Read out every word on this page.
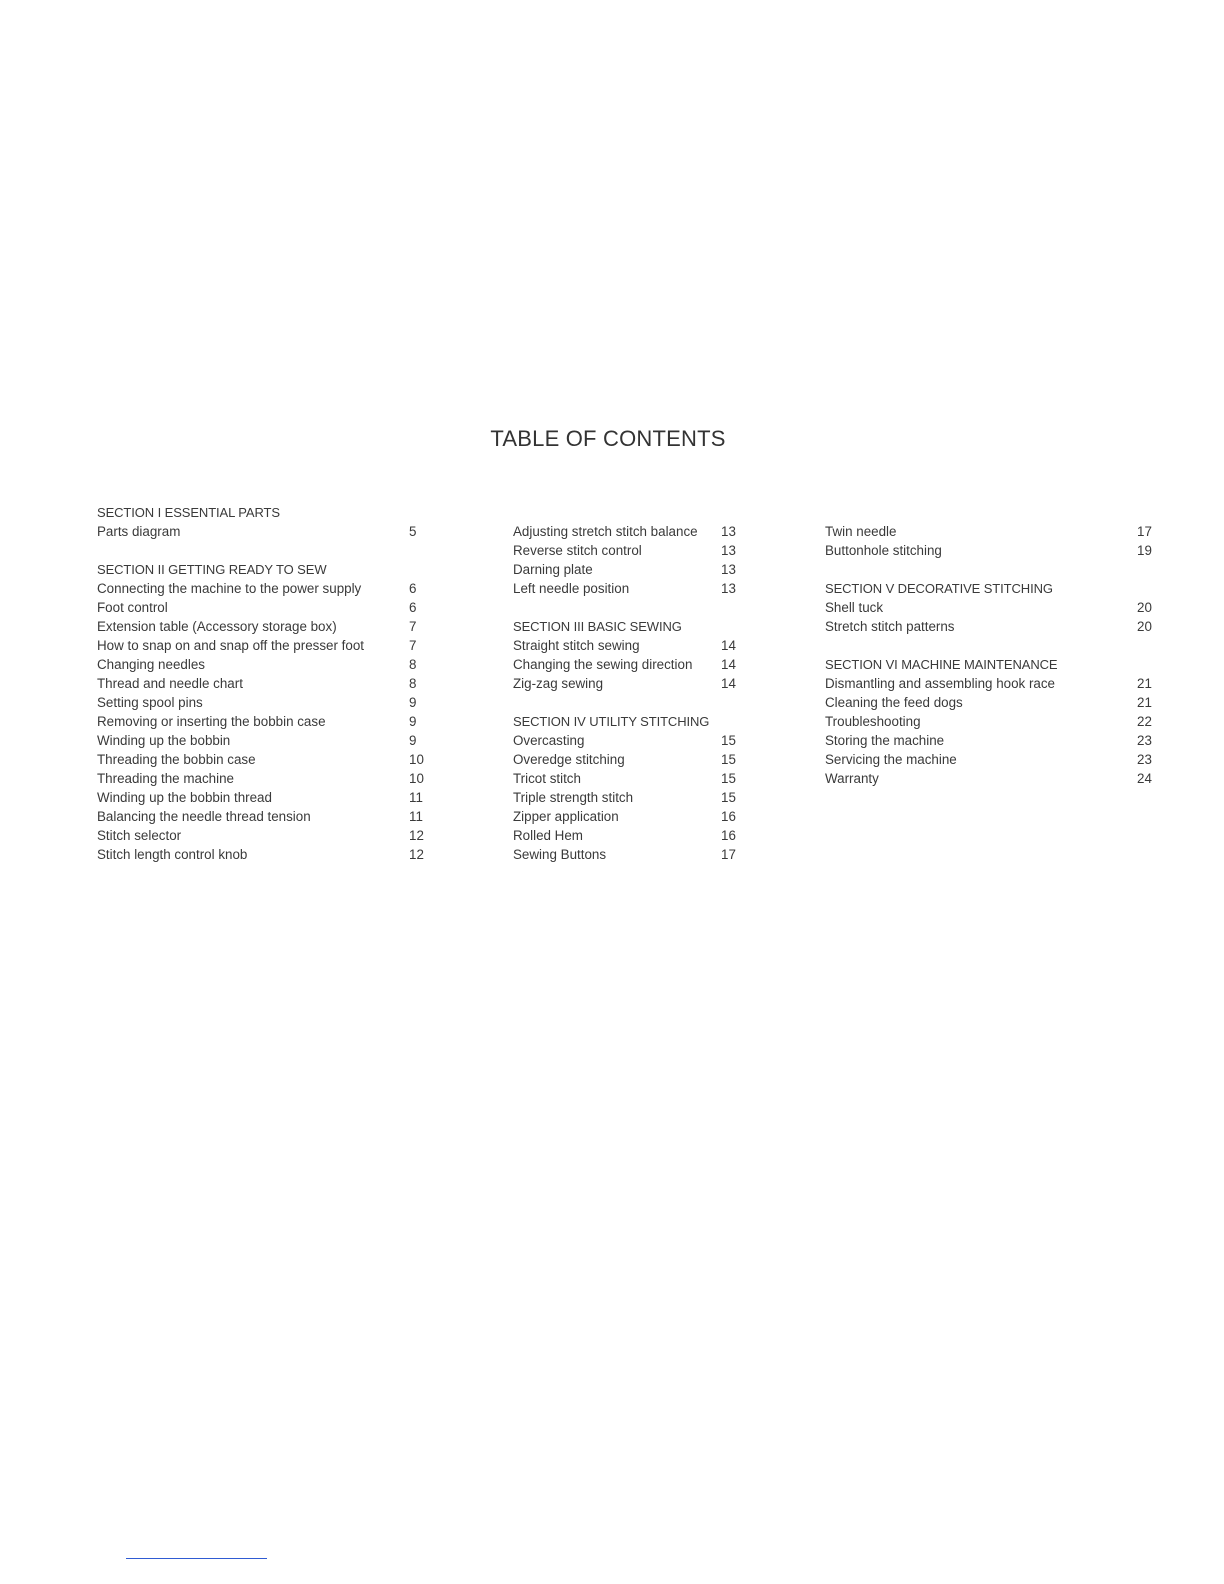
TABLE OF CONTENTS
SECTION I ESSENTIAL PARTS
Parts diagram	5
SECTION II GETTING READY TO SEW
Connecting the machine to the power supply	6
Foot control	6
Extension table (Accessory storage box)	7
How to snap on and snap off the presser foot	7
Changing needles	8
Thread and needle chart	8
Setting spool pins	9
Removing or inserting the bobbin case	9
Winding up the bobbin	9
Threading the bobbin case	10
Threading the machine	10
Winding up the bobbin thread	11
Balancing the needle thread tension	11
Stitch selector	12
Stitch length control knob	12
Adjusting stretch stitch balance 13
Reverse stitch control	13
Darning plate	13
Left needle position	13
SECTION III BASIC SEWING
Straight stitch sewing	14
Changing the sewing direction 14
Zig-zag sewing	14
SECTION IV UTILITY STITCHING
Overcasting	15
Overedge stitching	15
Tricot stitch	15
Triple strength stitch	15
Zipper application	16
Rolled Hem	16
Sewing Buttons	17
Twin needle	17
Buttonhole stitching	19
SECTION V DECORATIVE STITCHING
Shell tuck	20
Stretch stitch patterns	20
SECTION VI MACHINE MAINTENANCE
Dismantling and assembling hook race	21
Cleaning the feed dogs	21
Troubleshooting	22
Storing the machine	23
Servicing the machine	23
Warranty	24
